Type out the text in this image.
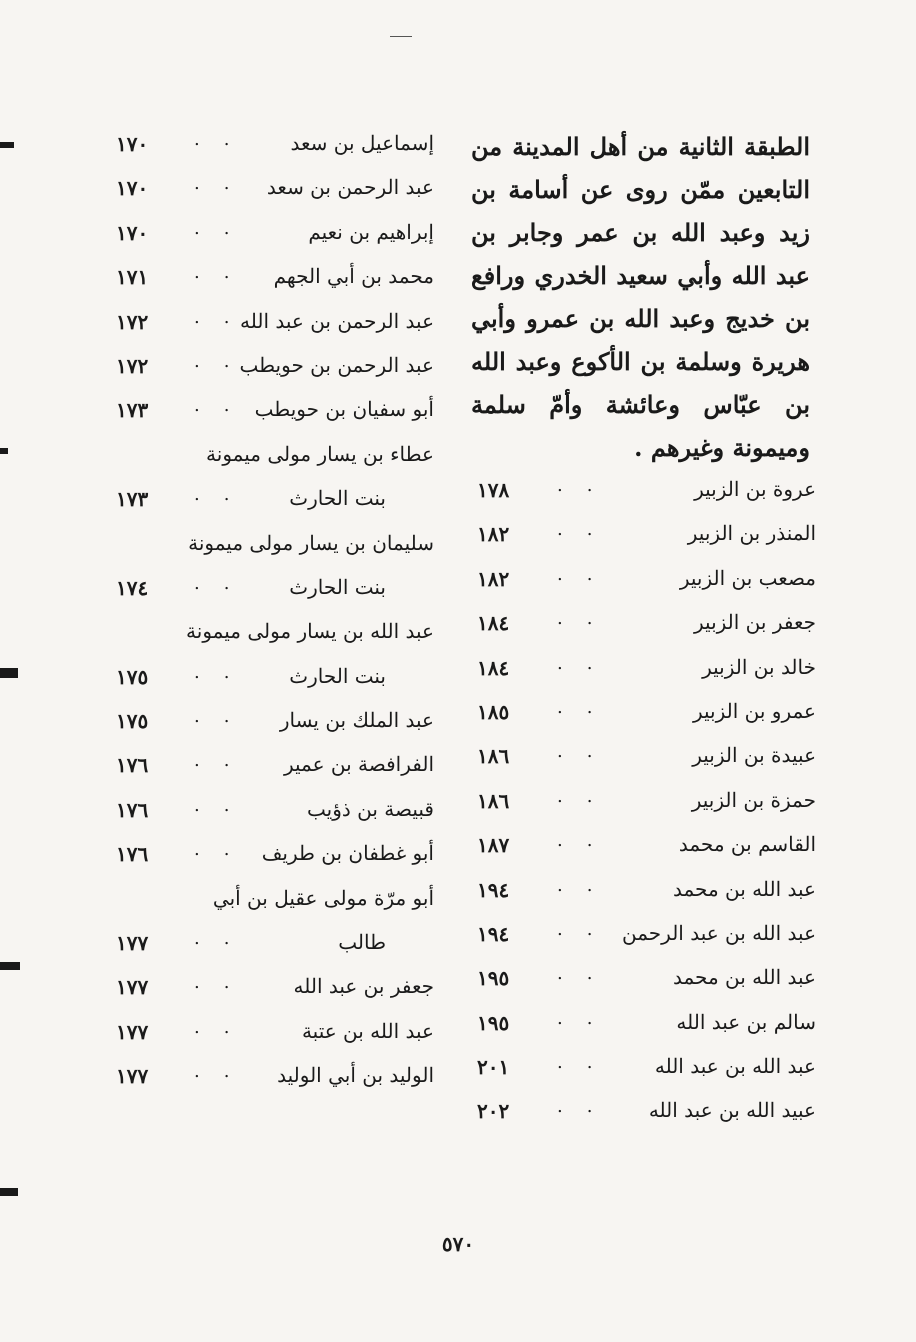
الطبقة الثانية من أهل المدينة من التابعين ممّن روى عن أسامة بن زيد وعبد الله بن عمر وجابر بن عبد الله وأبي سعيد الخدري ورافع بن خديج وعبد الله بن عمرو وأبي هريرة وسلمة بن الأكوع وعبد الله بن عبّاس وعائشة وأمّ سلمة وميمونة وغيرهم .
عروة بن الزبير
..
١٧٨
المنذر بن الزبير
..
١٨٢
مصعب بن الزبير
..
١٨٢
جعفر بن الزبير
..
١٨٤
خالد بن الزبير
..
١٨٤
عمرو بن الزبير
..
١٨٥
عبيدة بن الزبير
..
١٨٦
حمزة بن الزبير
..
١٨٦
القاسم بن محمد
..
١٨٧
عبد الله بن محمد
..
١٩٤
عبد الله بن عبد الرحمن
..
١٩٤
عبد الله بن محمد
..
١٩٥
سالم بن عبد الله
..
١٩٥
عبد الله بن عبد الله
..
٢٠١
عبيد الله بن عبد الله
..
٢٠٢
إسماعيل بن سعد
..
١٧٠
عبد الرحمن بن سعد
..
١٧٠
إبراهيم بن نعيم
..
١٧٠
محمد بن أبي الجهم
..
١٧١
عبد الرحمن بن عبد الله
..
١٧٢
عبد الرحمن بن حويطب
..
١٧٢
أبو سفيان بن حويطب
..
١٧٣
عطاء بن يسار مولى ميمونة
بنت الحارث
..
١٧٣
سليمان بن يسار مولى ميمونة
بنت الحارث
..
١٧٤
عبد الله بن يسار مولى ميمونة
بنت الحارث
..
١٧٥
عبد الملك بن يسار
..
١٧٥
الفرافصة بن عمير
..
١٧٦
قبيصة بن ذؤيب
..
١٧٦
أبو غطفان بن طريف
..
١٧٦
أبو مرّة مولى عقيل بن أبي
طالب
..
١٧٧
جعفر بن عبد الله
..
١٧٧
عبد الله بن عتبة
..
١٧٧
الوليد بن أبي الوليد
..
١٧٧
٥٧٠
